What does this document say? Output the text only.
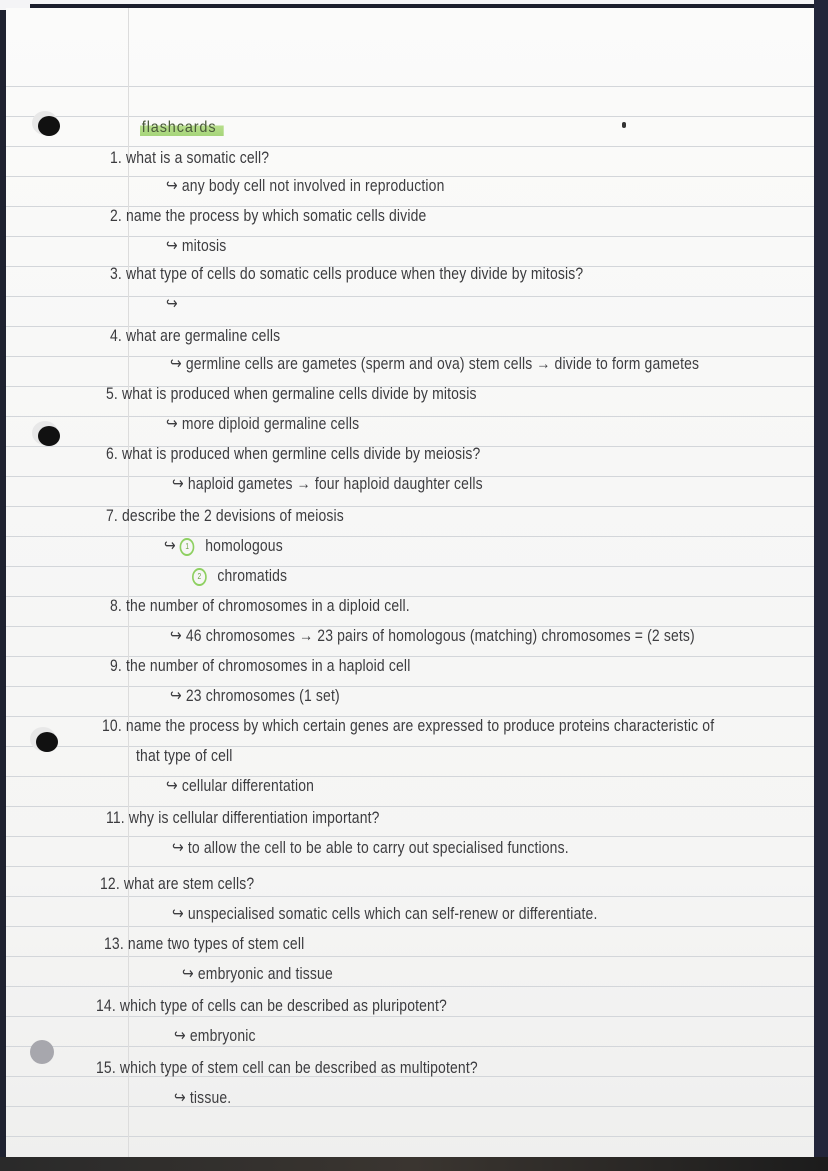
flashcards
1. what is a somatic cell?
↪ any body cell not involved in reproduction
2. name the process by which somatic cells divide
↪ mitosis
3. what type of cells do somatic cells produce when they divide by mitosis?
↪
4. what are germaline cells
↪ germline cells are gametes (sperm and ova) stem cells → divide to form gametes
5. what is produced when germaline cells divide by mitosis
↪ more diploid germaline cells
6. what is produced when germline cells divide by meiosis?
↪ haploid gametes → four haploid daughter cells
7. describe the 2 devisions of meiosis
↪ 1 homologous
2 chromatids
8. the number of chromosomes in a diploid cell.
↪ 46 chromosomes → 23 pairs of homologous (matching) chromosomes = (2 sets)
9. the number of chromosomes in a haploid cell
↪ 23 chromosomes (1 set)
10. name the process by which certain genes are expressed to produce proteins characteristic of
that type of cell
↪ cellular differentation
11. why is cellular differentiation important?
↪ to allow the cell to be able to carry out specialised functions.
12. what are stem cells?
↪ unspecialised somatic cells which can self-renew or differentiate.
13. name two types of stem cell
↪ embryonic and tissue
14. which type of cells can be described as pluripotent?
↪ embryonic
15. which type of stem cell can be described as multipotent?
↪ tissue.
